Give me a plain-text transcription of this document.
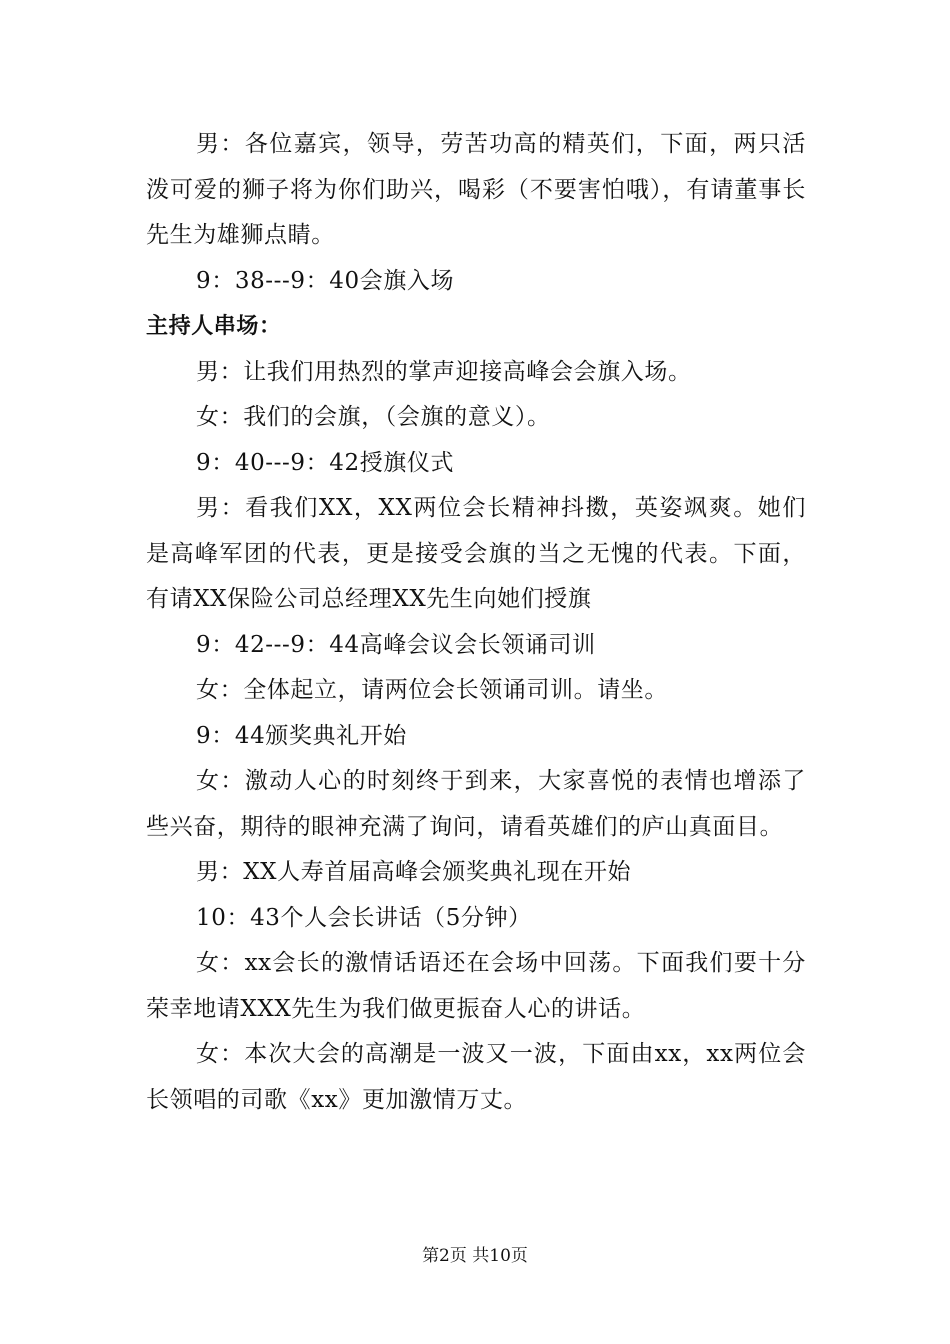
男：各位嘉宾，领导，劳苦功高的精英们，下面，两只活泼可爱的狮子将为你们助兴，喝彩（不要害怕哦），有请董事长先生为雄狮点睛。

9：38---9：40会旗入场

主持人串场：

男：让我们用热烈的掌声迎接高峰会会旗入场。

女：我们的会旗，（会旗的意义）。

9：40---9：42授旗仪式

男：看我们XX，XX两位会长精神抖擞，英姿飒爽。她们是高峰军团的代表，更是接受会旗的当之无愧的代表。下面，有请XX保险公司总经理XX先生向她们授旗

9：42---9：44高峰会议会长领诵司训

女：全体起立，请两位会长领诵司训。请坐。

9：44颁奖典礼开始

女：激动人心的时刻终于到来，大家喜悦的表情也增添了些兴奋，期待的眼神充满了询问，请看英雄们的庐山真面目。

男：XX人寿首届高峰会颁奖典礼现在开始

10：43个人会长讲话（5分钟）

女：xx会长的激情话语还在会场中回荡。下面我们要十分荣幸地请XXX先生为我们做更振奋人心的讲话。

女：本次大会的高潮是一波又一波，下面由xx，xx两位会长领唱的司歌《xx》更加激情万丈。

第2页 共10页
